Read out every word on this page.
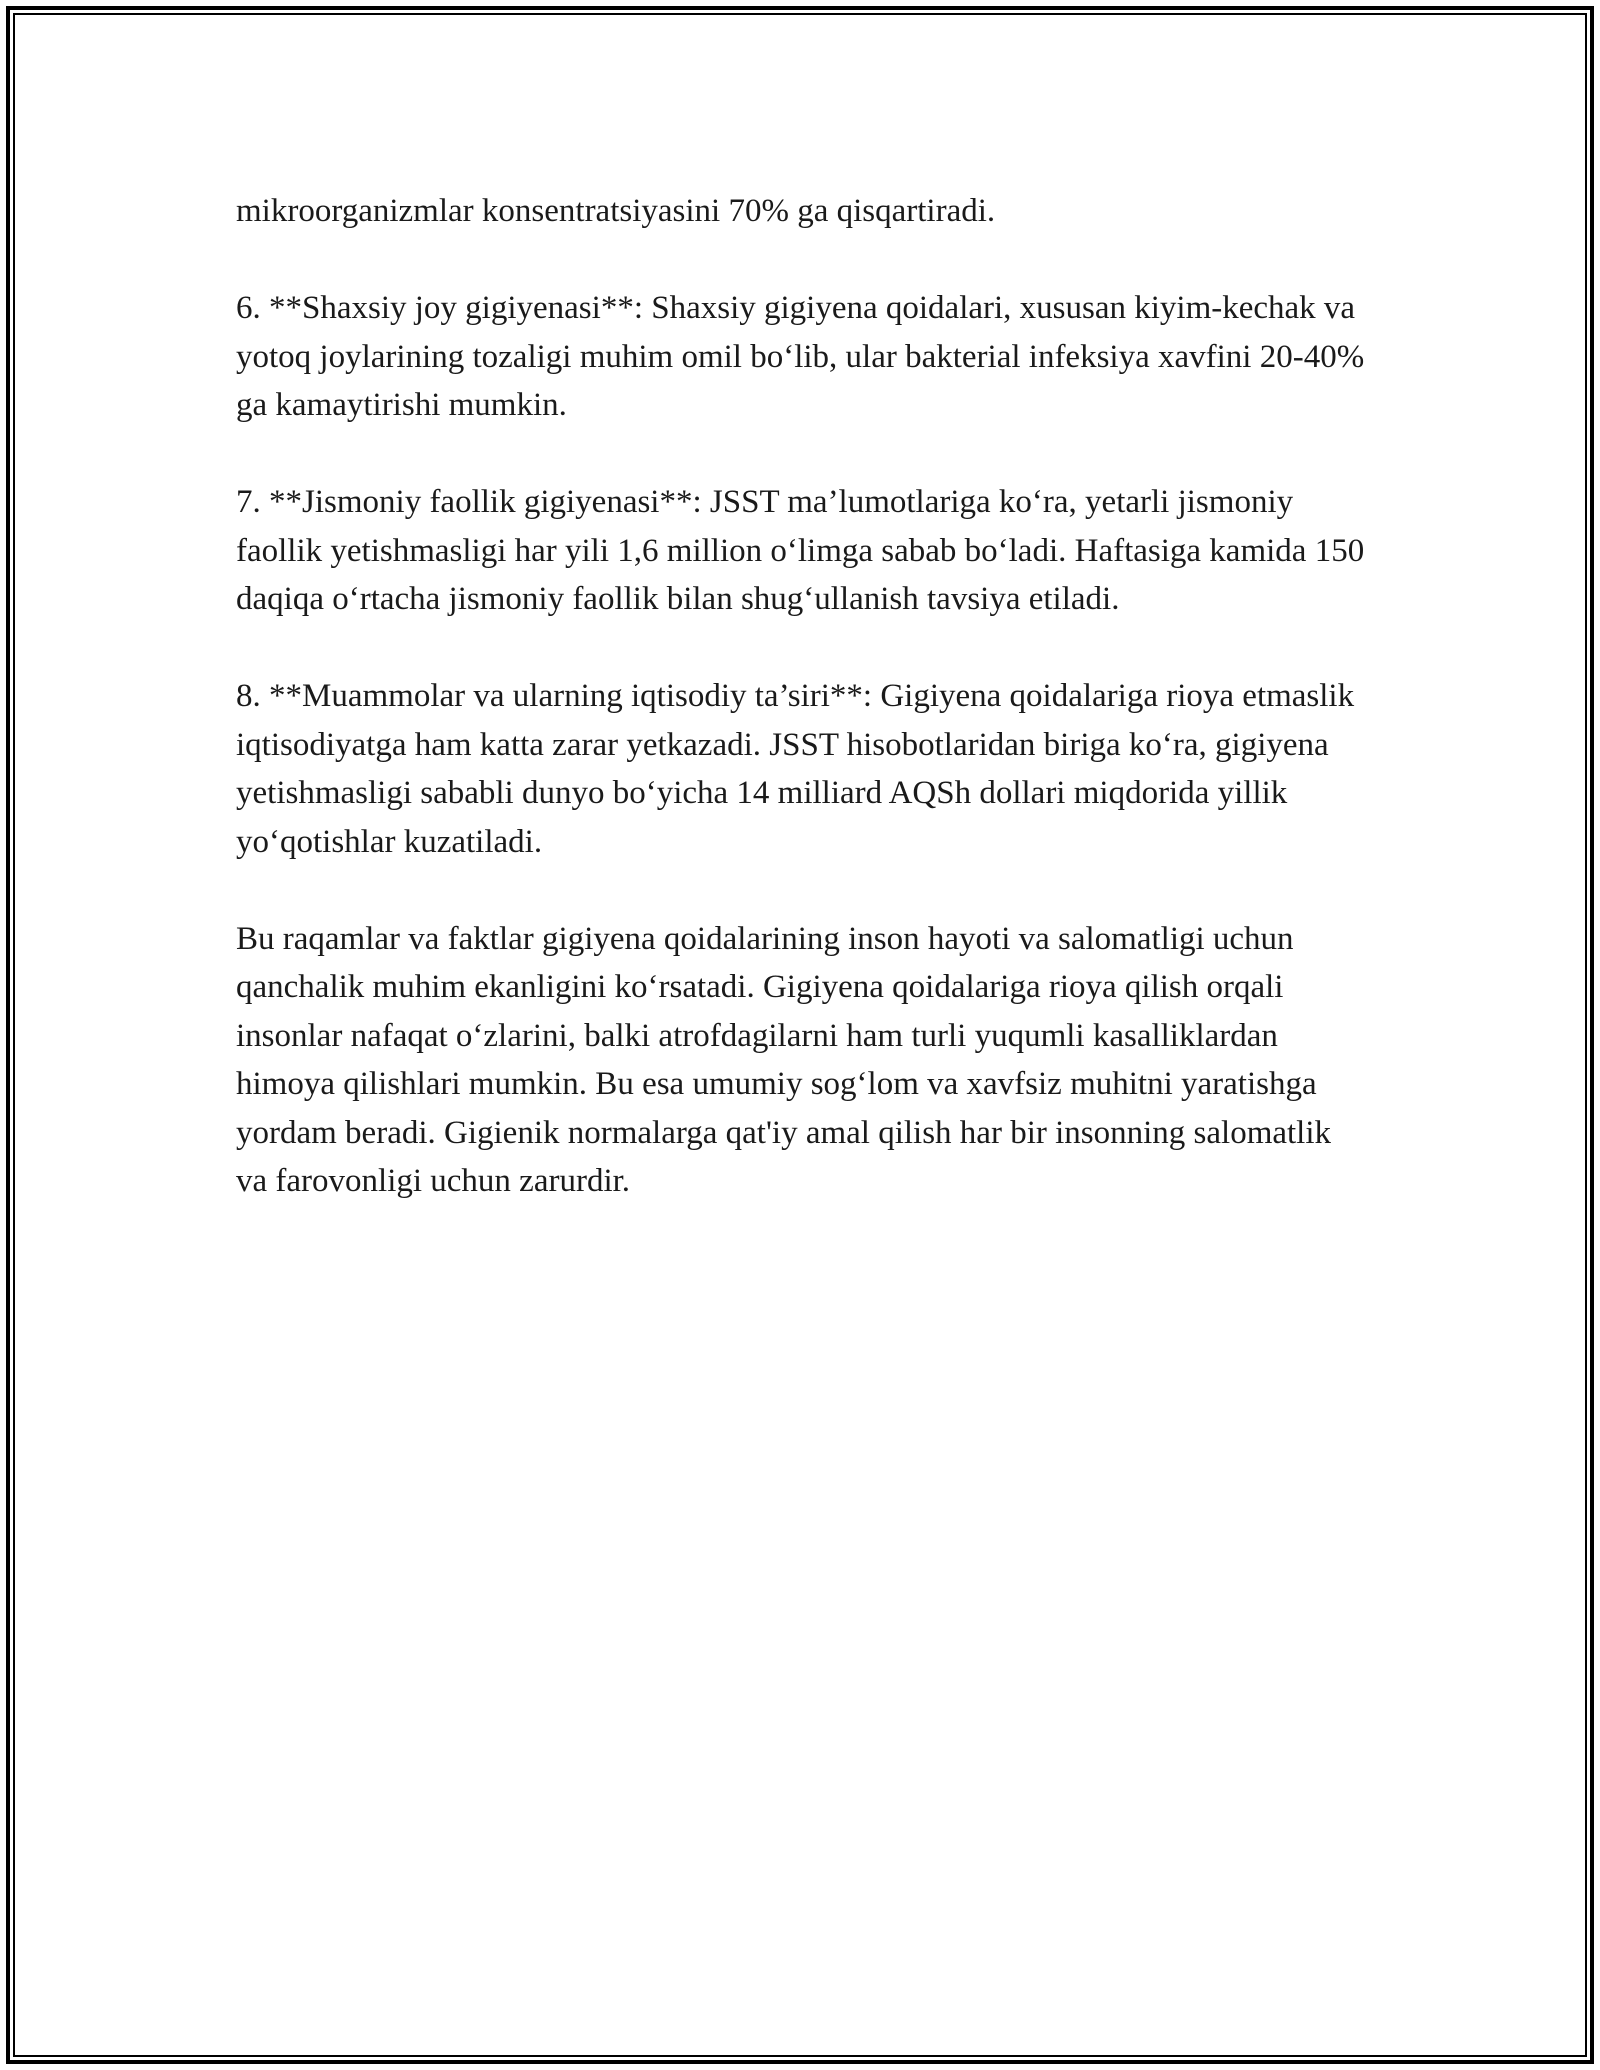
mikroorganizmlar konsentratsiyasini 70% ga qisqartiradi.

6. **Shaxsiy joy gigiyenasi**: Shaxsiy gigiyena qoidalari, xususan kiyim-kechak va yotoq joylarining tozaligi muhim omil bo‘lib, ular bakterial infeksiya xavfini 20-40% ga kamaytirishi mumkin.

7. **Jismoniy faollik gigiyenasi**: JSST ma’lumotlariga ko‘ra, yetarli jismoniy faollik yetishmasligi har yili 1,6 million o‘limga sabab bo‘ladi. Haftasiga kamida 150 daqiqa o‘rtacha jismoniy faollik bilan shug‘ullanish tavsiya etiladi.

8. **Muammolar va ularning iqtisodiy ta’siri**: Gigiyena qoidalariga rioya etmaslik iqtisodiyatga ham katta zarar yetkazadi. JSST hisobotlaridan biriga ko‘ra, gigiyena yetishmasligi sababli dunyo bo‘yicha 14 milliard AQSh dollari miqdorida yillik yo‘qotishlar kuzatiladi.

Bu raqamlar va faktlar gigiyena qoidalarining inson hayoti va salomatligi uchun qanchalik muhim ekanligini ko‘rsatadi. Gigiyena qoidalariga rioya qilish orqali insonlar nafaqat o‘zlarini, balki atrofdagilarni ham turli yuqumli kasalliklardan himoya qilishlari mumkin. Bu esa umumiy sog‘lom va xavfsiz muhitni yaratishga yordam beradi. Gigienik normalarga qat'iy amal qilish har bir insonning salomatlik va farovonligi uchun zarurdir.
